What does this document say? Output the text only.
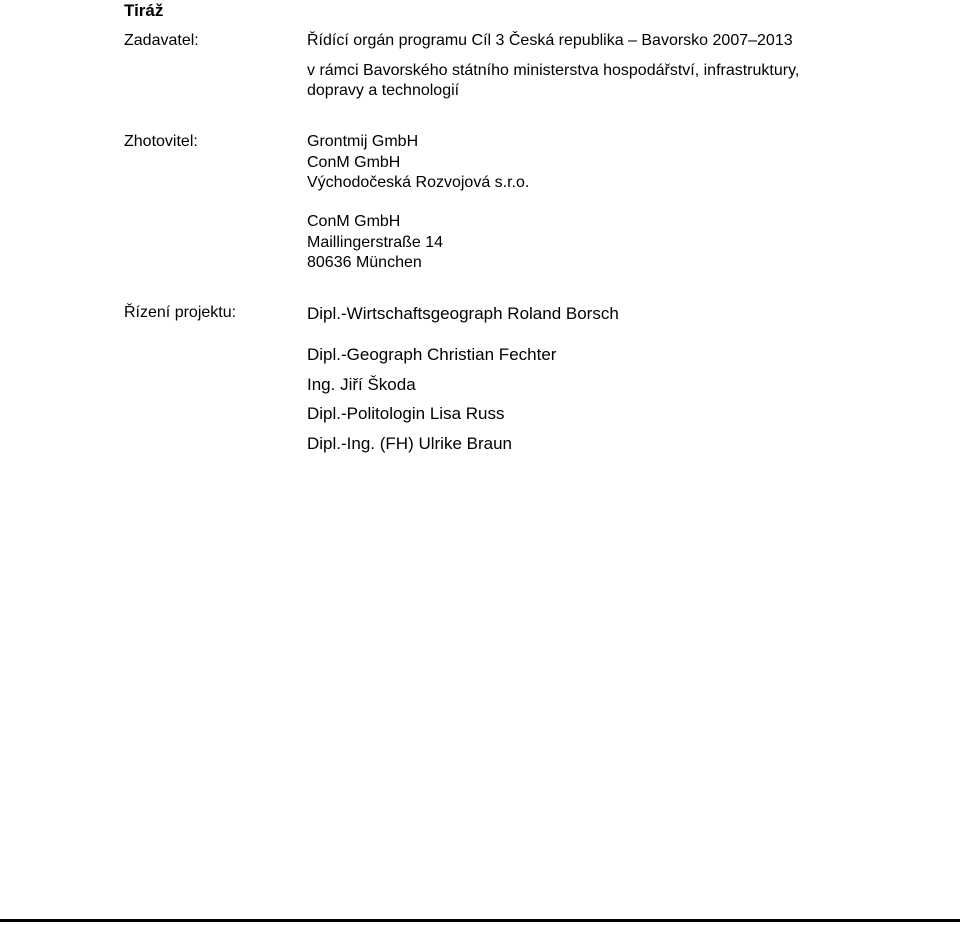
Tiráž
Zadavatel:	Řídící orgán programu Cíl 3 Česká republika – Bavorsko 2007–2013
v rámci Bavorského státního ministerstva hospodářství, infrastruktury,
dopravy a technologií
Zhotovitel:	Grontmij GmbH
ConM GmbH
Východočeská Rozvojová s.r.o.
ConM GmbH
Maillingerstraße 14
80636 München
Řízení projektu:	Dipl.-Wirtschaftsgeograph Roland Borsch
Dipl.-Geograph Christian Fechter
Ing. Jiří Škoda
Dipl.-Politologin Lisa Russ
Dipl.-Ing. (FH) Ulrike Braun
